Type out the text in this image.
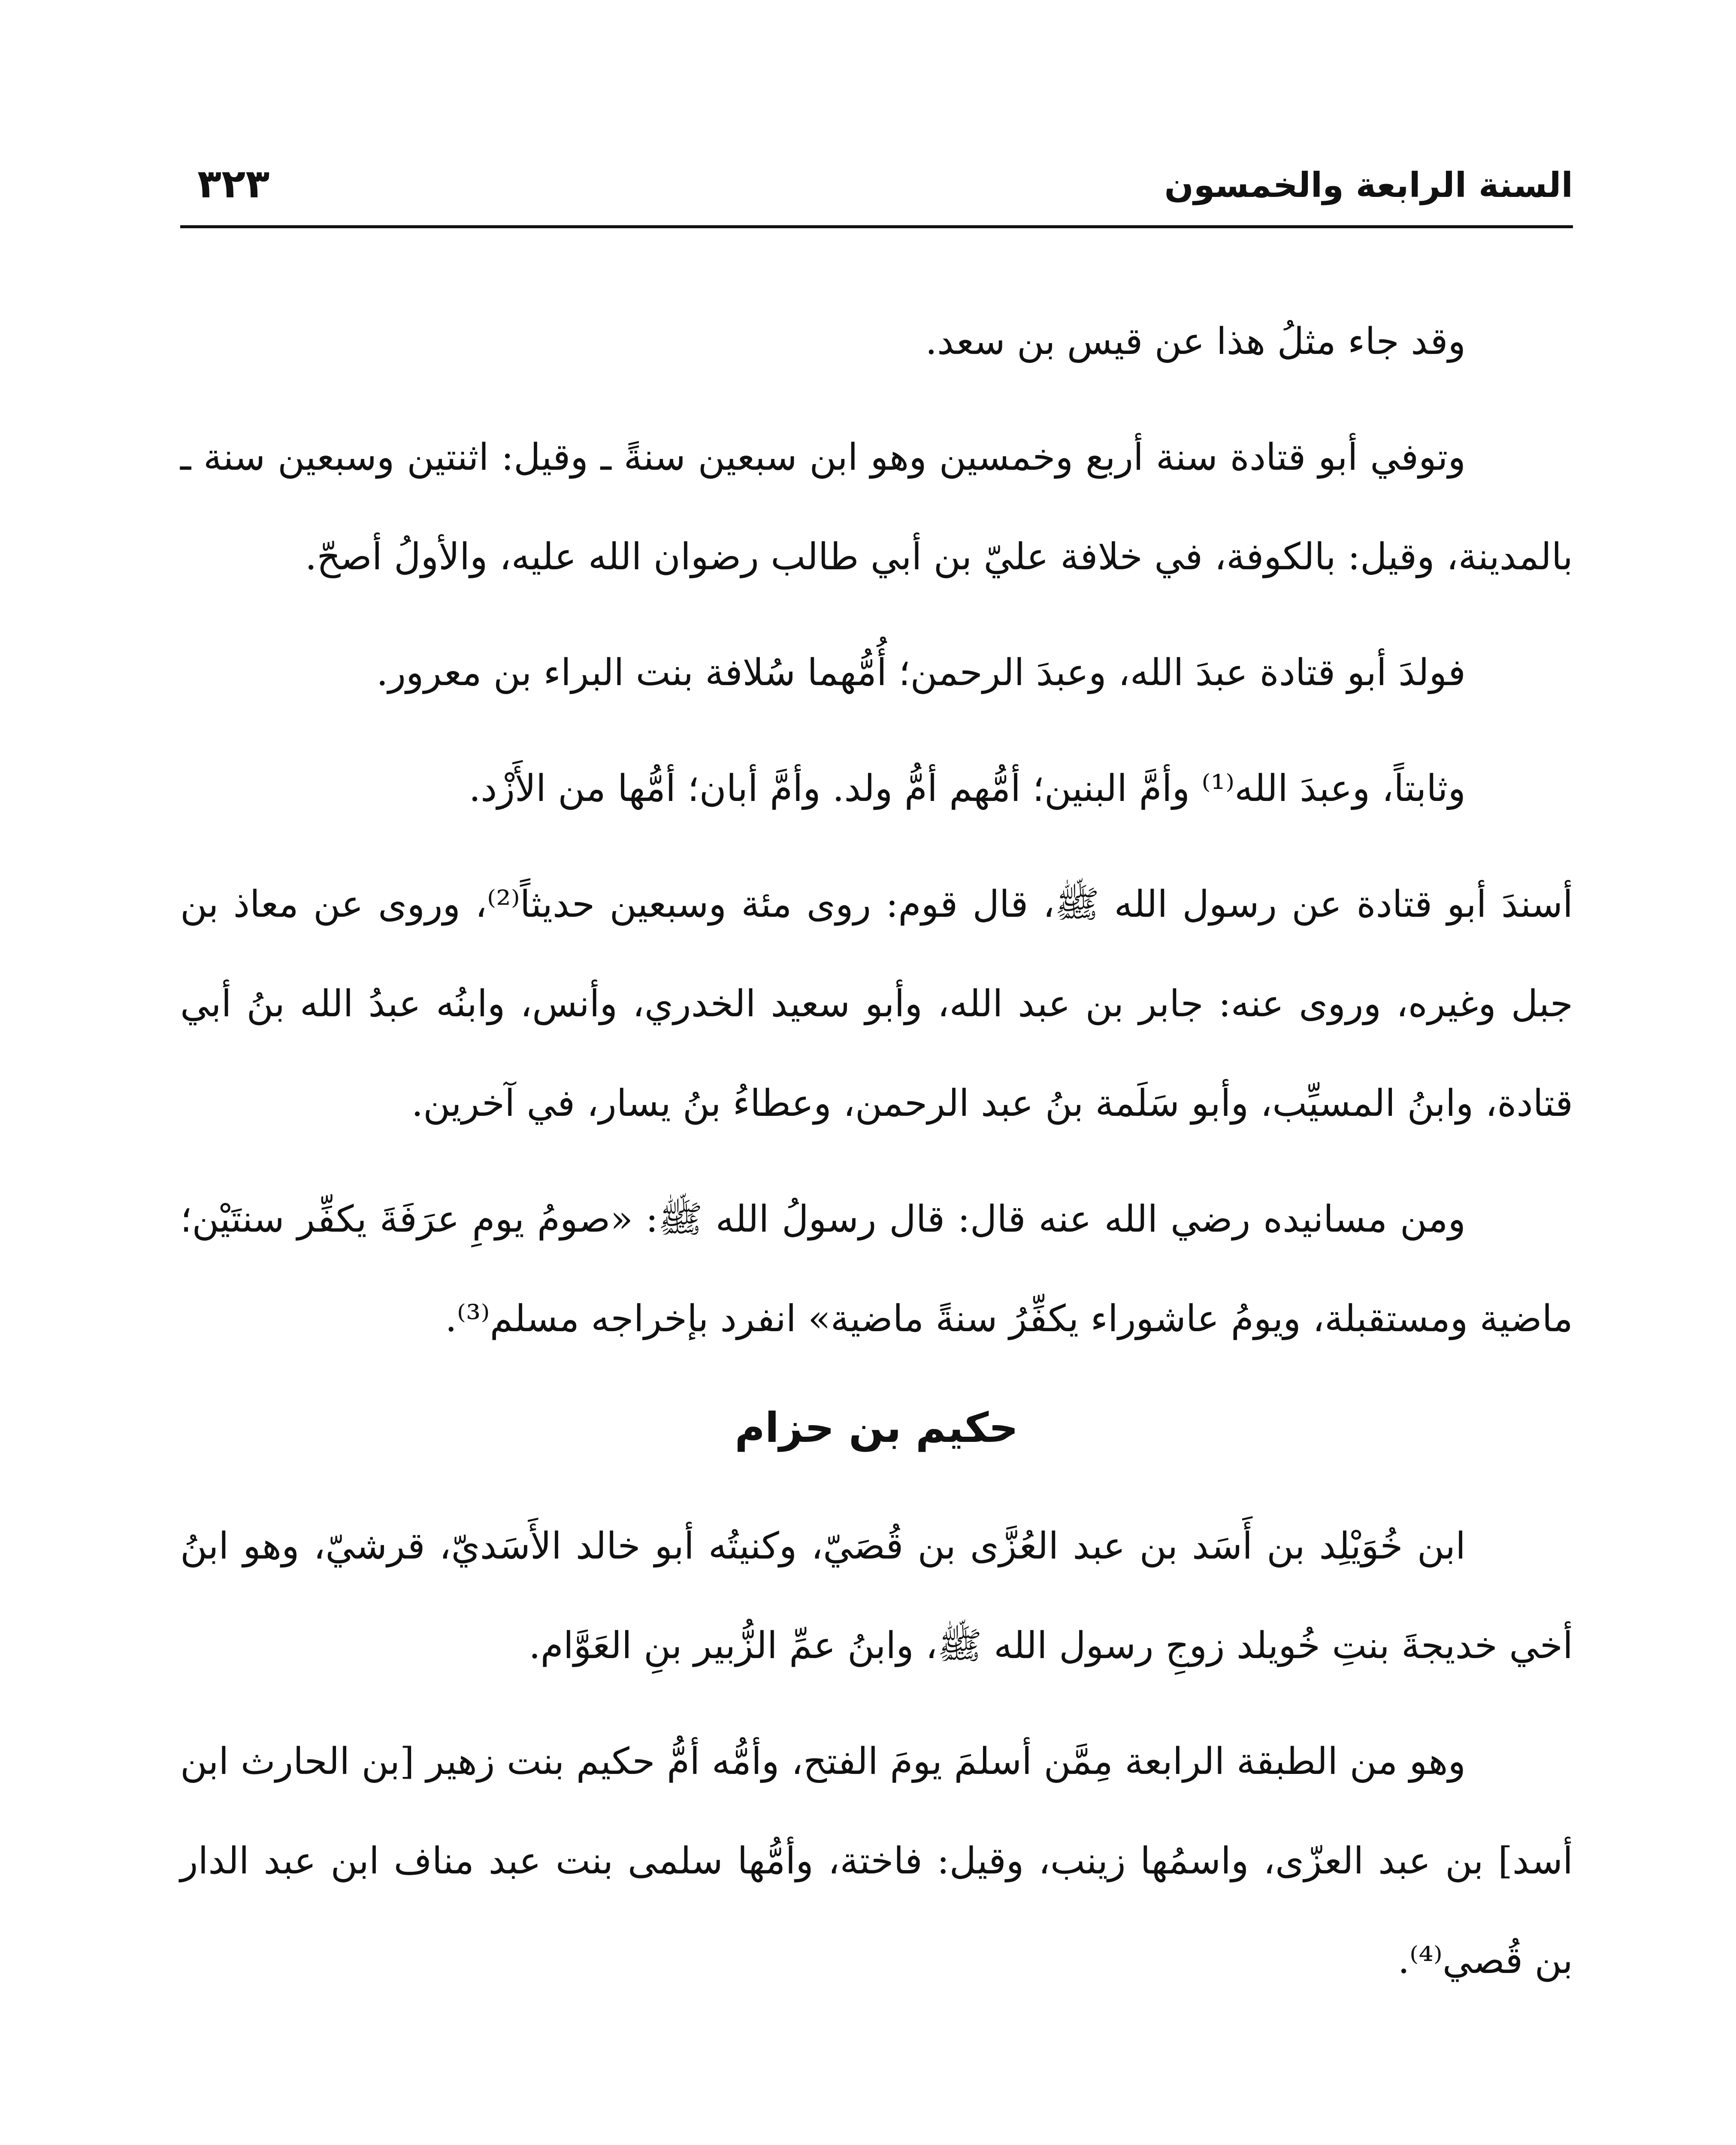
السنة الرابعة والخمسون
٣٢٣

وقد جاء مثلُ هذا عن قيس بن سعد.

وتوفي أبو قتادة سنة أربع وخمسين وهو ابن سبعين سنةً ـ وقيل: اثنتين وسبعين سنة ـ بالمدينة، وقيل: بالكوفة، في خلافة عليّ بن أبي طالب رضوان الله عليه، والأولُ أصحّ.

فولدَ أبو قتادة عبدَ الله، وعبدَ الرحمن؛ أُمُّهما سُلافة بنت البراء بن معرور.

وثابتاً، وعبدَ الله⁽¹⁾ وأمَّ البنين؛ أمُّهم أمُّ ولد. وأمَّ أبان؛ أمُّها من الأَزْد.

أسندَ أبو قتادة عن رسول الله ﷺ، قال قوم: روى مئة وسبعين حديثاً⁽²⁾، وروى عن معاذ بن جبل وغيره، وروى عنه: جابر بن عبد الله، وأبو سعيد الخدري، وأنس، وابنُه عبدُ الله بنُ أبي قتادة، وابنُ المسيِّب، وأبو سَلَمة بنُ عبد الرحمن، وعطاءُ بنُ يسار، في آخرين.

ومن مسانيده رضي الله عنه قال: قال رسولُ الله ﷺ: «صومُ يومِ عرَفَةَ يكفِّر سنتَيْن؛ ماضية ومستقبلة، ويومُ عاشوراء يكفِّرُ سنةً ماضية» انفرد بإخراجه مسلم⁽³⁾.

حكيم بن حزام

ابن خُوَيْلِد بن أَسَد بن عبد العُزَّى بن قُصَيّ، وكنيتُه أبو خالد الأَسَديّ، قرشيّ، وهو ابنُ أخي خديجةَ بنتِ خُويلد زوجِ رسول الله ﷺ، وابنُ عمِّ الزُّبير بنِ العَوَّام.

وهو من الطبقة الرابعة مِمَّن أسلمَ يومَ الفتح، وأمُّه أمُّ حكيم بنت زهير [بن الحارث ابن أسد] بن عبد العزّى، واسمُها زينب، وقيل: فاختة، وأمُّها سلمى بنت عبد مناف ابن عبد الدار بن قُصي⁽⁴⁾.
